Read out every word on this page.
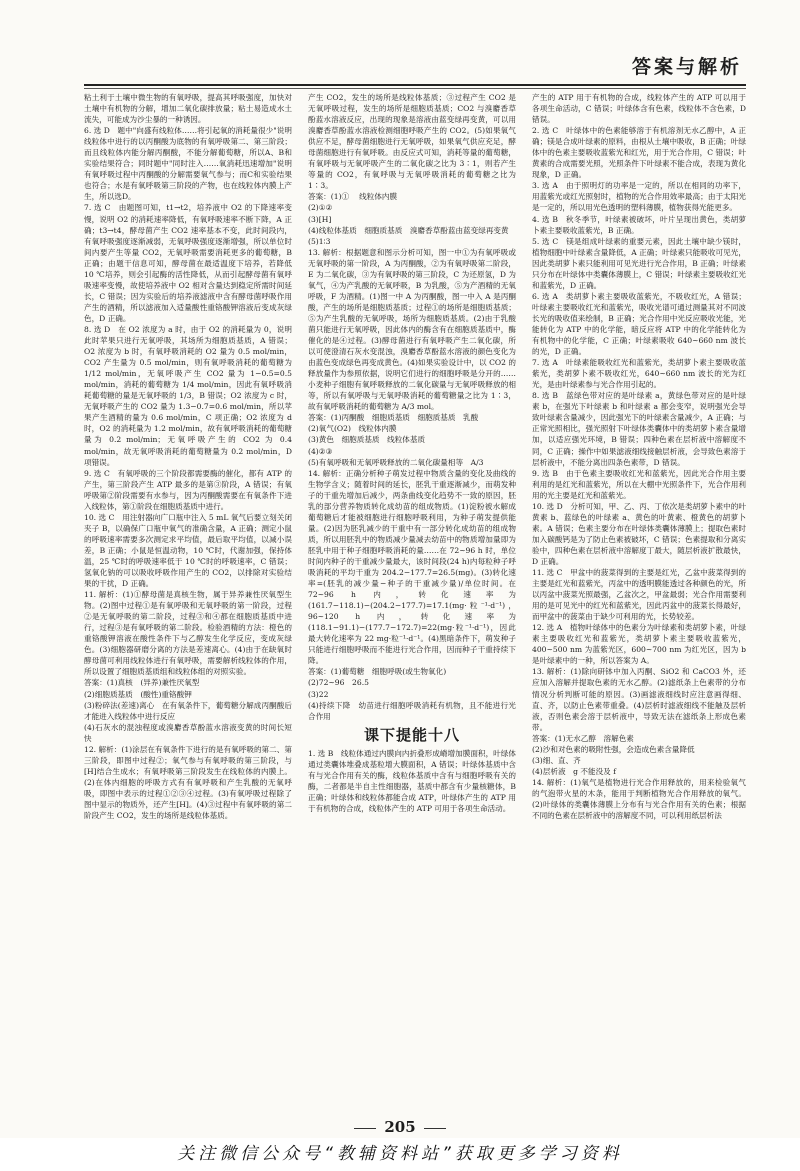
答案与解析

粘土利于土壤中微生物的有氧呼吸，提高其呼吸强度，加快对土壤中有机物的分解，增加二氧化碳排放量；粘土易造成水土流失，可能成为沙尘暴的一种诱因。

6. 选 D　题中"向盛有线粒体……将引起氧的消耗量很少"说明线粒体中进行的以丙酮酸为底物的有氧呼吸第二、第三阶段；而且线粒体内能分解丙酮酸，不能分解葡萄糖，所以A、B和实验结果符合；同时题中"同时注入……氧消耗迅速增加"说明有氧呼吸过程中丙酮酸的分解需要氧气参与；而C和实验结果也符合；水是有氧呼吸第三阶段的产物，也在线粒体内膜上产生，所以选D。

7. 选 C　由题图可知，t1→t2，培养液中 O2 的下降速率变慢，说明 O2 的消耗速率降低，有氧呼吸速率不断下降，A 正确；t3→t4，酵母菌产生 CO2 速率基本不变，此时间段内，有氧呼吸强度逐渐减弱，无氧呼吸强度逐渐增强，所以单位时间内要产生等量 CO2，无氧呼吸需要消耗更多的葡萄糖，B 正确；由题干信息可知，酵母菌在最适温度下培养，若降低 10 ℃培养，则会引起酶的活性降低，从而引起酵母菌有氧呼吸速率变慢，故使培养液中 O2 相对含量达到稳定所需时间延长，C 错误；因为实验后的培养液滤液中含有酵母菌呼吸作用产生的酒精，所以滤液加入适量酸性重铬酸钾溶液后变成灰绿色，D 正确。

8. 选 D　在 O2 浓度为 a 时，由于 O2 的消耗量为 0，说明此时苹果只进行无氧呼吸，其场所为细胞质基质，A 错误；O2 浓度为 b 时，有氧呼吸消耗的 O2 量为 0.5 mol/min，CO2 产生量为 0.5 mol/min，则有氧呼吸消耗的葡萄糖为 1/12 mol/min，无氧呼吸产生 CO2 量为 1−0.5=0.5 mol/min，消耗的葡萄糖为 1/4 mol/min，因此有氧呼吸消耗葡萄糖的量是无氧呼吸的 1/3，B 错误；O2 浓度为 c 时，无氧呼吸产生的 CO2 量为 1.3−0.7=0.6 mol/min，所以苹果产生酒精的量为 0.6 mol/min，C 项正确；O2 浓度为 d 时，O2 的消耗量为 1.2 mol/min，故有氧呼吸消耗的葡萄糖量为 0.2 mol/min；无氧呼吸产生的 CO2 为 0.4 mol/min，故无氧呼吸消耗的葡萄糖量为 0.2 mol/min，D 项错误。

9. 选 C　有氧呼吸的三个阶段都需要酶的催化，都有 ATP 的产生，第三阶段产生 ATP 最多的是第③阶段，A 错误；有氧呼吸第②阶段需要有水参与，因为丙酮酸需要在有氧条件下进入线粒体，第①阶段在细胞质基质中进行。

10. 选 C　用注射器向广口瓶中注入 5 mL 氧气后要立刻关闭夹子 B，以确保广口瓶中氧气的准确含量，A 正确；测定小鼠的呼吸速率需要多次测定求平均值，最后取平均值，以减小误差，B 正确；小鼠是恒温动物，10 ℃时，代谢加强，保持体温，25 ℃时的呼吸速率低于 10 ℃时的呼吸速率，C 错误；氢氧化钠的可以吸收呼吸作用产生的 CO2，以排除对实验结果的干扰，D 正确。

11. 解析：(1)①酵母菌是真核生物，属于异养兼性厌氧型生物。(2)图中过程①是有氧呼吸和无氧呼吸的第一阶段，过程②是无氧呼吸的第二阶段，过程③和④都在细胞质基质中进行，过程③是有氧呼吸的第二阶段。检验酒精的方法：橙色的重铬酸钾溶液在酸性条件下与乙醇发生化学反应，变成灰绿色。(3)细胞器研磨分离的方法是差速离心。(4)由于在缺氧时酵母菌可利用线粒体进行有氧呼吸，需要解析线粒体的作用，所以设置了细胞质基质组和线粒体组的对照实验。

答案：(1)真核　(异养)兼性厌氧型

(2)细胞质基质　(酸性)重铬酸钾

(3)粉碎法(差速)离心　在有氧条件下，葡萄糖分解成丙酮酸后才能进入线粒体中进行反应

(4)石灰水的混浊程度或溴麝香草酚蓝水溶液变黄的时间长短　快

12. 解析：(1)涂层在有氧条件下进行的是有氧呼吸的第二、第三阶段，即图中过程②；氧气参与有氧呼吸的第三阶段，与[H]结合生成水；有氧呼吸第三阶段发生在线粒体的内膜上。(2)在体内细胞的呼吸方式有有氧呼吸和产生乳酸的无氧呼吸，即图中表示的过程①②③④过程。(3)有氧呼吸过程除了图中显示的物质外，还产生[H]。(4)③过程中有氧呼吸的第二阶段产生 CO2，发生的场所是线粒体基质。

产生 CO2，发生的场所是线粒体基质；③过程产生 CO2 是无氧呼吸过程，发生的场所是细胞质基质；CO2 与溴麝香草酚蓝水溶液反应，出现的现象是溶液由蓝变绿再变黄，可以用溴麝香草酚蓝水溶液检测细胞呼吸产生的 CO2。(5)如果氧气供应不足，酵母菌细胞进行无氧呼吸，如果氧气供应充足，酵母菌细胞进行有氧呼吸。由反应式可知，消耗等量的葡萄糖，有氧呼吸与无氧呼吸产生的二氧化碳之比为 3∶1，则若产生等量的 CO2，有氧呼吸与无氧呼吸消耗的葡萄糖之比为 1∶3。

答案：(1)① 　线粒体内膜

(2)①②

(3)[H]

(4)线粒体基质　细胞质基质　溴麝香草酚蓝由蓝变绿再变黄

(5)1∶3

13. 解析：根据题意和图示分析可知，图一中①为有氧呼吸或无氧呼吸的第一阶段，A 为丙酮酸，②为有氧呼吸第二阶段，E 为二氧化碳，③为有氧呼吸的第三阶段，C 为还原氢，D 为氧气，④为产乳酸的无氧呼吸，B 为乳酸，⑤为产酒精的无氧呼吸，F 为酒精。(1)图一中 A 为丙酮酸，图一中入 A 是丙酮酸，产生的场所是细胞质基质；过程①的场所是细胞质基质；⑤为产生乳酸的无氧呼吸，场所为细胞质基质。(2)由于乳酸菌只能进行无氧呼吸，因此体内的酶含有在细胞质基质中，酶催化的是④过程。(3)酵母菌进行有氧呼吸产生二氧化碳，所以可使澄清石灰水变混浊，溴麝香草酚蓝水溶液的颜色变化为由蓝色变成绿色再变成黄色。(4)如果实验设计中，以 CO2 的释放量作为参照依据，说明它们进行的细胞呼吸是分开的……小麦种子细胞有氧呼吸释放的二氧化碳量与无氧呼吸释放的相等，所以有氧呼吸与无氧呼吸消耗的葡萄糖量之比为 1∶3，故有氧呼吸消耗的葡萄糖为 A/3 mol。

答案：(1)丙酮酸　细胞质基质　细胞质基质　乳酸

(2)氧气(O2)　线粒体内膜

(3)黄色　细胞质基质　线粒体基质

(4)②③

(5)有氧呼吸和无氧呼吸释放的二氧化碳量相等　A/3

14. 解析：正确分析种子萌发过程中物质含量的变化及曲线的生物学含义；随着时间的延长，胚乳干重逐渐减少，而萌发种子的干重先增加后减少，两条曲线变化趋势不一致的原因，胚乳的部分营养物质转化成幼苗的组成物质。(1)淀粉被水解成葡萄糖后才能被细胞进行细胞呼吸利用，为种子萌发提供能量。(2)因为胚乳减少的干重中有一部分转化成幼苗的组成物质，所以用胚乳中的物质减少量减去幼苗中的物质增加量即为胚乳中用于种子细胞呼吸消耗的量……在 72~96 h 时，单位时间内种子的干重减少量最大，该时间段(24 h)内每粒种子呼吸消耗的平均干重为 204.2−177.7=26.5(mg)。(3)转化速率=(胚乳的减少量−种子的干重减少量)/单位时间。在 72~96 h 内，转化速率为(161.7−118.1)−(204.2−177.7)=17.1(mg·粒⁻¹·d⁻¹)，96~120 h 内，转化速率为(118.1−91.1)−(177.7−172.7)=22(mg·粒⁻¹·d⁻¹)，因此最大转化速率为 22 mg·粒⁻¹·d⁻¹。(4)黑暗条件下，萌发种子只能进行细胞呼吸而不能进行光合作用，因而种子干重持续下降。

答案：(1)葡萄糖　细胞呼吸(或生物氧化)

(2)72~96　26.5

(3)22

(4)持续下降　幼苗进行细胞呼吸消耗有机物，且不能进行光合作用

课下提能十八

1. 选 B　线粒体通过内膜向内折叠形成嵴增加膜面积，叶绿体通过类囊体堆叠成基粒增大膜面积，A 错误；叶绿体基质中含有与光合作用有关的酶，线粒体基质中含有与细胞呼吸有关的酶，二者都是半自主性细胞器，基质中都含有少量核糖体，B 正确；叶绿体和线粒体都能合成 ATP，叶绿体产生的 ATP 用于有机物的合成，线粒体产生的 ATP 可用于各项生命活动。

产生的 ATP 用于有机物的合成，线粒体产生的 ATP 可以用于各项生命活动，C 错误；叶绿体含有色素，线粒体不含色素，D 错误。

2. 选 C　叶绿体中的色素能够溶于有机溶剂无水乙醇中，A 正确；镁是合成叶绿素的原料，由根从土壤中吸收，B 正确；叶绿体中的色素主要吸收蓝紫光和红光，用于光合作用，C 错误；叶黄素的合成需要光照，光照条件下叶绿素不能合成，表现为黄化现象，D 正确。

3. 选 A　由于照明灯的功率是一定的，所以在相同的功率下，用蓝紫光或红光照射时，植物的光合作用效率最高；由于太阳光是一定的，所以用光色透明的塑料薄膜，植物获得光能更多。

4. 选 B　秋冬季节，叶绿素被破坏，叶片呈现出黄色，类胡萝卜素主要吸收蓝紫光，B 正确。

5. 选 C　镁是组成叶绿素的重要元素，因此土壤中缺少镁时，植物细胞中叶绿素含量降低，A 正确；叶绿素只能吸收可见光，因此类胡萝卜素只能利用可见光进行光合作用，B 正确；叶绿素只分布在叶绿体中类囊体薄膜上，C 错误；叶绿素主要吸收红光和蓝紫光，D 正确。

6. 选 A　类胡萝卜素主要吸收蓝紫光，不吸收红光，A 错误；叶绿素主要吸收红光和蓝紫光，吸收光谱可通过测量其对不同波长光的吸收值来绘制，B 正确；光合作用中光反应吸收光能，光能转化为 ATP 中的化学能，暗反应将 ATP 中的化学能转化为有机物中的化学能，C 正确；叶绿素吸收 640~660 nm 波长的光，D 正确。

7. 选 A　叶绿素能吸收红光和蓝紫光，类胡萝卜素主要吸收蓝紫光，类胡萝卜素不吸收红光，640~660 nm 波长的光为红光，是由叶绿素参与光合作用引起的。

8. 选 B　蓝绿色带对应的是叶绿素 a，黄绿色带对应的是叶绿素 b，在强光下叶绿素 b 和叶绿素 a 都会变窄，说明强光会导致叶绿素含量减少，因此强光下的叶绿素含量减少，A 正确；与正常光照相比，强光照射下叶绿体类囊体中的类胡萝卜素含量增加，以适应强光环境，B 错误；四种色素在层析液中溶解度不同，C 正确；操作中如果滤液细线接触层析液，会导致色素溶于层析液中，不能分离出四条色素带，D 错误。

9. 选 B　由于色素主要吸收红光和蓝紫光，因此光合作用主要利用的是红光和蓝紫光，所以在大棚中光照条件下，光合作用利用的光主要是红光和蓝紫光。

10. 选 D　分析可知，甲、乙、丙、丁依次是类胡萝卜素中的叶黄素 b、蓝绿色的叶绿素 a、黄色的叶黄素、橙黄色的胡萝卜素。A 错误；色素主要分布在叶绿体类囊体薄膜上；提取色素时加入碳酸钙是为了防止色素被破坏，C 错误；色素提取和分离实验中，四种色素在层析液中溶解度丁最大，随层析液扩散最快，D 正确。

11. 选 C　甲盆中的菠菜得到的主要是红光，乙盆中菠菜得到的主要是红光和蓝紫光，丙盆中的透明膜能透过各种颜色的光，所以丙盆中菠菜光照最强，乙盆次之，甲盆最弱；光合作用需要利用的是可见光中的红光和蓝紫光，因此丙盆中的菠菜长得最好，而甲盆中的菠菜由于缺少可利用的光，长势较差。

12. 选 A　植物叶绿体中的色素分为叶绿素和类胡萝卜素，叶绿素主要吸收红光和蓝紫光，类胡萝卜素主要吸收蓝紫光，400~500 nm 为蓝紫光区，600~700 nm 为红光区，因为 b 是叶绿素中的一种，所以答案为 A。

13. 解析：(1)除向研钵中加入丙酮、SiO2 和 CaCO3 外，还应加入溶解并提取色素的无水乙醇。(2)滤纸条上色素带的分布情况分析判断可能的原因。(3)画滤液细线时应注意画得细、直、齐，以防止色素带重叠。(4)层析时滤液细线不能触及层析液，否则色素会溶于层析液中，导致无法在滤纸条上形成色素带。

答案：(1)无水乙醇　溶解色素

(2)沙和对色素的吸附性强，会造成色素含量降低

(3)细、直、齐

(4)层析液　g 不能没及 f

14. 解析：(1)氧气是植物进行光合作用释放的，用来检验氧气的气泡带火星的木条，能用于判断植物光合作用释放的氧气。(2)叶绿体的类囊体薄膜上分布有与光合作用有关的色素；根据不同的色素在层析液中的溶解度不同，可以利用纸层析法

205
关注微信公众号“教辅资料站”获取更多学习资料
